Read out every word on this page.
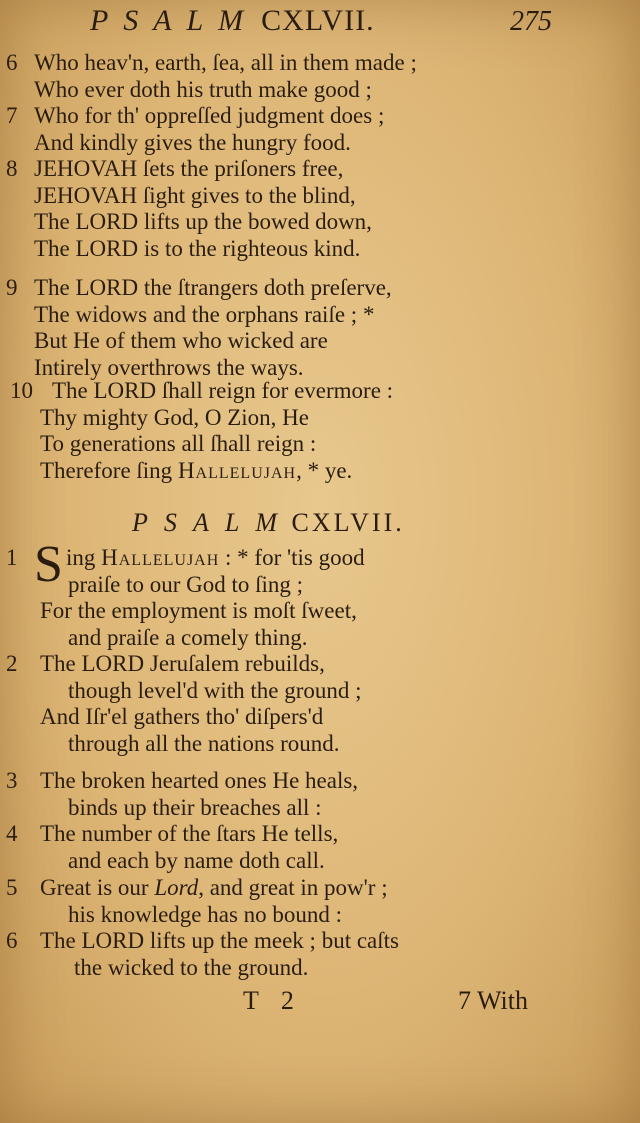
P S A L M CXLVII.	275
6 Who heav'n, earth, ſea, all in them made ;
Who ever doth his truth make good ;
7 Who for th' oppreſſed judgment does ;
And kindly gives the hungry food.
8 JEHOVAH ſets the priſoners free,
JEHOVAH ſight gives to the blind,
The LORD lifts up the bowed down,
The LORD is to the righteous kind.
9 The LORD the ſtrangers doth preſerve,
The widows and the orphans raiſe ; *
But He of them who wicked are
Intirely overthrows the ways.
10 The LORD ſhall reign for evermore :
Thy mighty God, O Zion, He
To generations all ſhall reign :
Therefore ſing Hallelujah, * ye.
P S A L M CXLVII.
1 S ing Hallelujah : * for 'tis good
praiſe to our God to ſing ;
For the employment is moſt ſweet,
and praiſe a comely thing.
2 The LORD Jeruſalem rebuilds,
though level'd with the ground ;
And Iſr'el gathers tho' diſpers'd
through all the nations round.
3 The broken hearted ones He heals,
binds up their breaches all :
4 The number of the ſtars He tells,
and each by name doth call.
5 Great is our Lord, and great in pow'r ;
his knowledge has no bound :
6 The LORD lifts up the meek ; but caſts
the wicked to the ground.
T 2	7 With
